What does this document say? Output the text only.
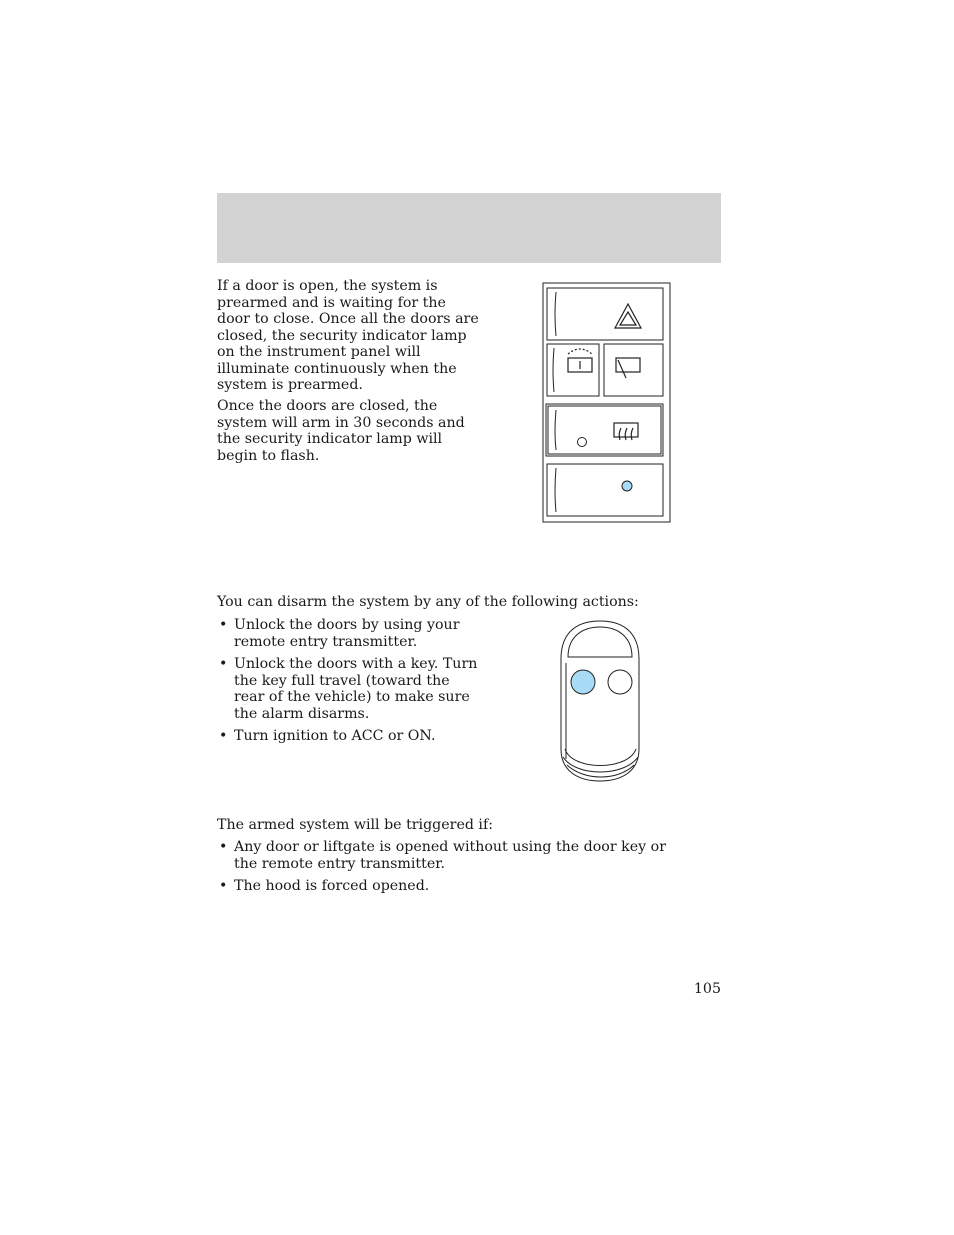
If a door is open, the system is prearmed and is waiting for the door to close. Once all the doors are closed, the security indicator lamp on the instrument panel will illuminate continuously when the system is prearmed.

Once the doors are closed, the system will arm in 30 seconds and the security indicator lamp will begin to flash.

You can disarm the system by any of the following actions:

• Unlock the doors by using your remote entry transmitter.
• Unlock the doors with a key. Turn the key full travel (toward the rear of the vehicle) to make sure the alarm disarms.
• Turn ignition to ACC or ON.

The armed system will be triggered if:

• Any door or liftgate is opened without using the door key or the remote entry transmitter.
• The hood is forced opened.
105
